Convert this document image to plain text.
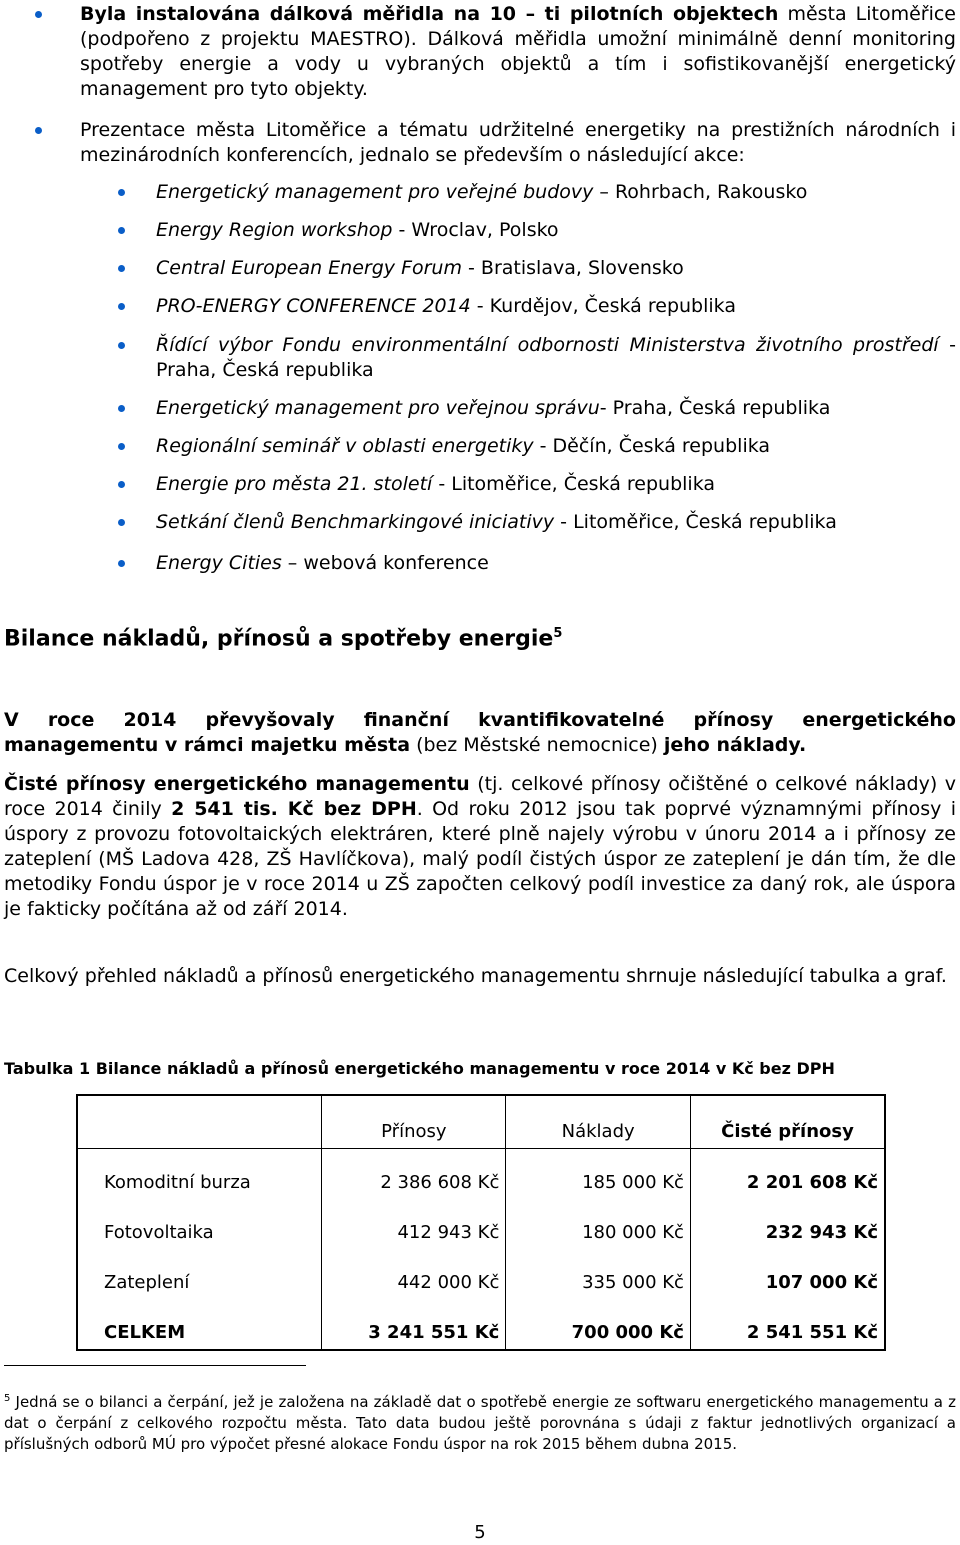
Byla instalována dálková měřidla na 10 – ti pilotních objektech města Litoměřice (podpořeno z projektu MAESTRO). Dálková měřidla umožní minimálně denní monitoring spotřeby energie a vody u vybraných objektů a tím i sofistikovanější energetický management pro tyto objekty.
Prezentace města Litoměřice a tématu udržitelné energetiky na prestižních národních i mezinárodních konferencích, jednalo se především o následující akce:
Energetický management pro veřejné budovy – Rohrbach, Rakousko
Energy Region workshop - Wroclav, Polsko
Central European Energy Forum - Bratislava, Slovensko
PRO-ENERGY CONFERENCE 2014 - Kurdějov, Česká republika
Řídící výbor Fondu environmentální odbornosti Ministerstva životního prostředí - Praha, Česká republika
Energetický management pro veřejnou správu- Praha, Česká republika
Regionální seminář v oblasti energetiky - Děčín, Česká republika
Energie pro města 21. století - Litoměřice, Česká republika
Setkání členů Benchmarkingové iniciativy - Litoměřice, Česká republika
Energy Cities – webová konference
Bilance nákladů, přínosů a spotřeby energie$^5$
V roce 2014 převyšovaly finanční kvantifikovatelné přínosy energetického managementu v rámci majetku města (bez Městské nemocnice) jeho náklady.
Čisté přínosy energetického managementu (tj. celkové přínosy očištěné o celkové náklady) v roce 2014 činily 2 541 tis. Kč bez DPH. Od roku 2012 jsou tak poprvé významnými přínosy i úspory z provozu fotovoltaických elektráren, které plně najely výrobu v únoru 2014 a i přínosy ze zateplení (MŠ Ladova 428, ZŠ Havlíčkova), malý podíl čistých úspor ze zateplení je dán tím, že dle metodiky Fondu úspor je v roce 2014 u ZŠ započten celkový podíl investice za daný rok, ale úspora je fakticky počítána až od září 2014.
Celkový přehled nákladů a přínosů energetického managementu shrnuje následující tabulka a graf.
Tabulka 1 Bilance nákladů a přínosů energetického managementu v roce 2014 v Kč bez DPH
	Přínosy	Náklady	Čisté přínosy
Komoditní burza	2 386 608 Kč	185 000 Kč	2 201 608 Kč
Fotovoltaika	412 943 Kč	180 000 Kč	232 943 Kč
Zateplení	442 000 Kč	335 000 Kč	107 000 Kč
CELKEM	3 241 551 Kč	700 000 Kč	2 541 551 Kč
$^5$ Jedná se o bilanci a čerpání, jež je založena na základě dat o spotřebě energie ze softwaru energetického managementu a z dat o čerpání z celkového rozpočtu města. Tato data budou ještě porovnána s údaji z faktur jednotlivých organizací a příslušných odborů MÚ pro výpočet přesné alokace Fondu úspor na rok 2015 během dubna 2015.
5
